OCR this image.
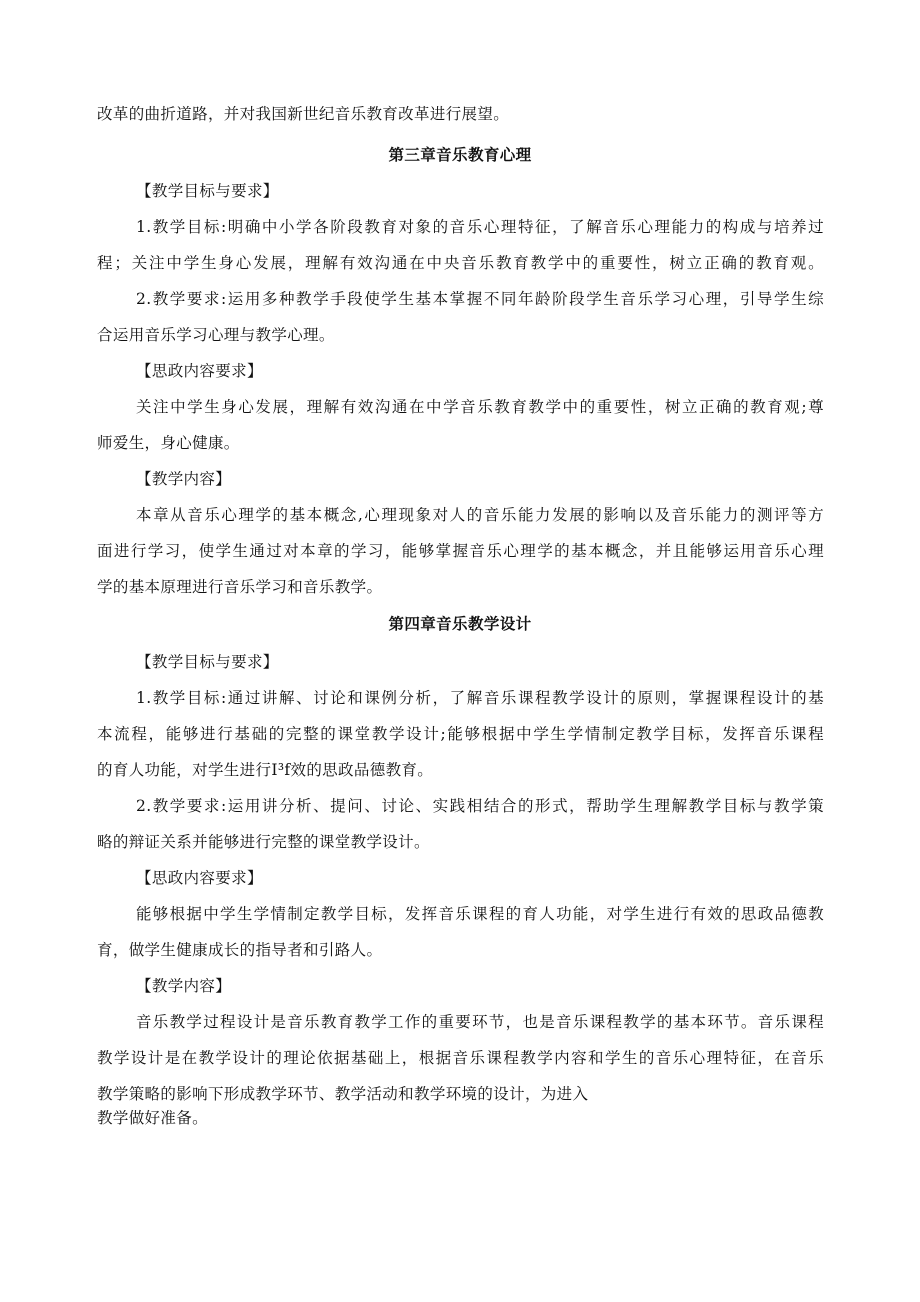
改革的曲折道路，并对我国新世纪音乐教育改革进行展望。
第三章音乐教育心理
【教学目标与要求】
1.教学目标:明确中小学各阶段教育对象的音乐心理特征，了解音乐心理能力的构成与培养过
程；关注中学生身心发展，理解有效沟通在中央音乐教育教学中的重要性，树立正确的教育观。
2.教学要求:运用多种教学手段使学生基本掌握不同年龄阶段学生音乐学习心理，引导学生综
合运用音乐学习心理与教学心理。
【思政内容要求】
关注中学生身心发展，理解有效沟通在中学音乐教育教学中的重要性，树立正确的教育观;尊
师爱生，身心健康。
【教学内容】
本章从音乐心理学的基本概念,心理现象对人的音乐能力发展的影响以及音乐能力的测评等方
面进行学习，使学生通过对本章的学习，能够掌握音乐心理学的基本概念，并且能够运用音乐心理
学的基本原理进行音乐学习和音乐教学。
第四章音乐教学设计
【教学目标与要求】
1.教学目标:通过讲解、讨论和课例分析，了解音乐课程教学设计的原则，掌握课程设计的基
本流程，能够进行基础的完整的课堂教学设计;能够根据中学生学情制定教学目标，发挥音乐课程
的育人功能，对学生进行I³f效的思政品德教育。
2.教学要求:运用讲分析、提问、讨论、实践相结合的形式，帮助学生理解教学目标与教学策
略的辩证关系并能够进行完整的课堂教学设计。
【思政内容要求】
能够根据中学生学情制定教学目标，发挥音乐课程的育人功能，对学生进行有效的思政品德教
育，做学生健康成长的指导者和引路人。
【教学内容】
音乐教学过程设计是音乐教育教学工作的重要环节，也是音乐课程教学的基本环节。音乐课程
教学设计是在教学设计的理论依据基础上，根据音乐课程教学内容和学生的音乐心理特征，在音乐
教学策略的影响下形成教学环节、教学活动和教学环境的设计，为进入
教学做好准备。
